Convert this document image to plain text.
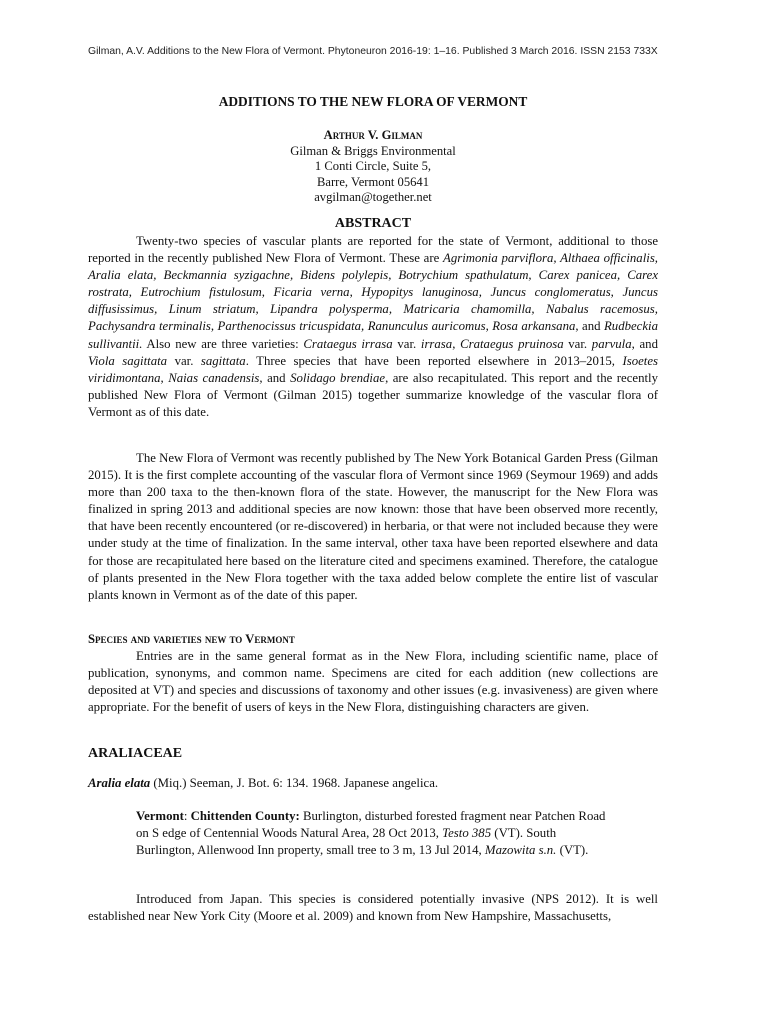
Gilman, A.V. Additions to the New Flora of Vermont. Phytoneuron 2016-19: 1–16. Published 3 March 2016. ISSN 2153 733X
ADDITIONS TO THE NEW FLORA OF VERMONT
Arthur V. Gilman
Gilman & Briggs Environmental
1 Conti Circle, Suite 5,
Barre, Vermont 05641
avgilman@together.net
ABSTRACT
Twenty-two species of vascular plants are reported for the state of Vermont, additional to those reported in the recently published New Flora of Vermont. These are Agrimonia parviflora, Althaea officinalis, Aralia elata, Beckmannia syzigachne, Bidens polylepis, Botrychium spathulatum, Carex panicea, Carex rostrata, Eutrochium fistulosum, Ficaria verna, Hypopitys lanuginosa, Juncus conglomeratus, Juncus diffusissimus, Linum striatum, Lipandra polysperma, Matricaria chamomilla, Nabalus racemosus, Pachysandra terminalis, Parthenocissus tricuspidata, Ranunculus auricomus, Rosa arkansana, and Rudbeckia sullivantii. Also new are three varieties: Crataegus irrasa var. irrasa, Crataegus pruinosa var. parvula, and Viola sagittata var. sagittata. Three species that have been reported elsewhere in 2013–2015, Isoetes viridimontana, Naias canadensis, and Solidago brendiae, are also recapitulated. This report and the recently published New Flora of Vermont (Gilman 2015) together summarize knowledge of the vascular flora of Vermont as of this date.
The New Flora of Vermont was recently published by The New York Botanical Garden Press (Gilman 2015). It is the first complete accounting of the vascular flora of Vermont since 1969 (Seymour 1969) and adds more than 200 taxa to the then-known flora of the state. However, the manuscript for the New Flora was finalized in spring 2013 and additional species are now known: those that have been observed more recently, that have been recently encountered (or re-discovered) in herbaria, or that were not included because they were under study at the time of finalization. In the same interval, other taxa have been reported elsewhere and data for those are recapitulated here based on the literature cited and specimens examined. Therefore, the catalogue of plants presented in the New Flora together with the taxa added below complete the entire list of vascular plants known in Vermont as of the date of this paper.
Species and varieties new to Vermont
Entries are in the same general format as in the New Flora, including scientific name, place of publication, synonyms, and common name. Specimens are cited for each addition (new collections are deposited at VT) and species and discussions of taxonomy and other issues (e.g. invasiveness) are given where appropriate. For the benefit of users of keys in the New Flora, distinguishing characters are given.
ARALIACEAE
Aralia elata (Miq.) Seeman, J. Bot. 6: 134. 1968. Japanese angelica.
Vermont: Chittenden County: Burlington, disturbed forested fragment near Patchen Road on S edge of Centennial Woods Natural Area, 28 Oct 2013, Testo 385 (VT). South Burlington, Allenwood Inn property, small tree to 3 m, 13 Jul 2014, Mazowita s.n. (VT).
Introduced from Japan. This species is considered potentially invasive (NPS 2012). It is well established near New York City (Moore et al. 2009) and known from New Hampshire, Massachusetts,
